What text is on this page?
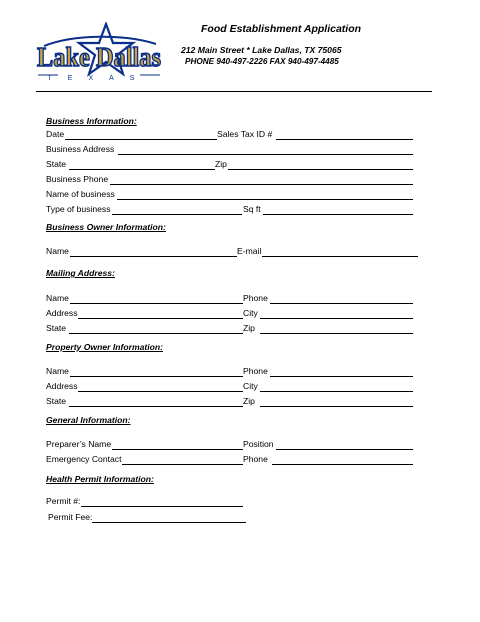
Lake Dallas
TEXAS
Food Establishment Application
212 Main Street * Lake Dallas, TX 75065
PHONE 940-497-2226 FAX 940-497-4485
Business Information:
Date	Sales Tax ID #
Business Address
State	Zip
Business Phone
Name of business
Type of business	Sq ft
Business Owner Information:
Name	E-mail
Mailing Address:
Name	Phone
Address	City
State	Zip
Property Owner Information:
Name	Phone
Address	City
State	Zip
General Information:
Preparer’s Name	Position
Emergency Contact	Phone
Health Permit Information:
Permit #:
Permit Fee:
